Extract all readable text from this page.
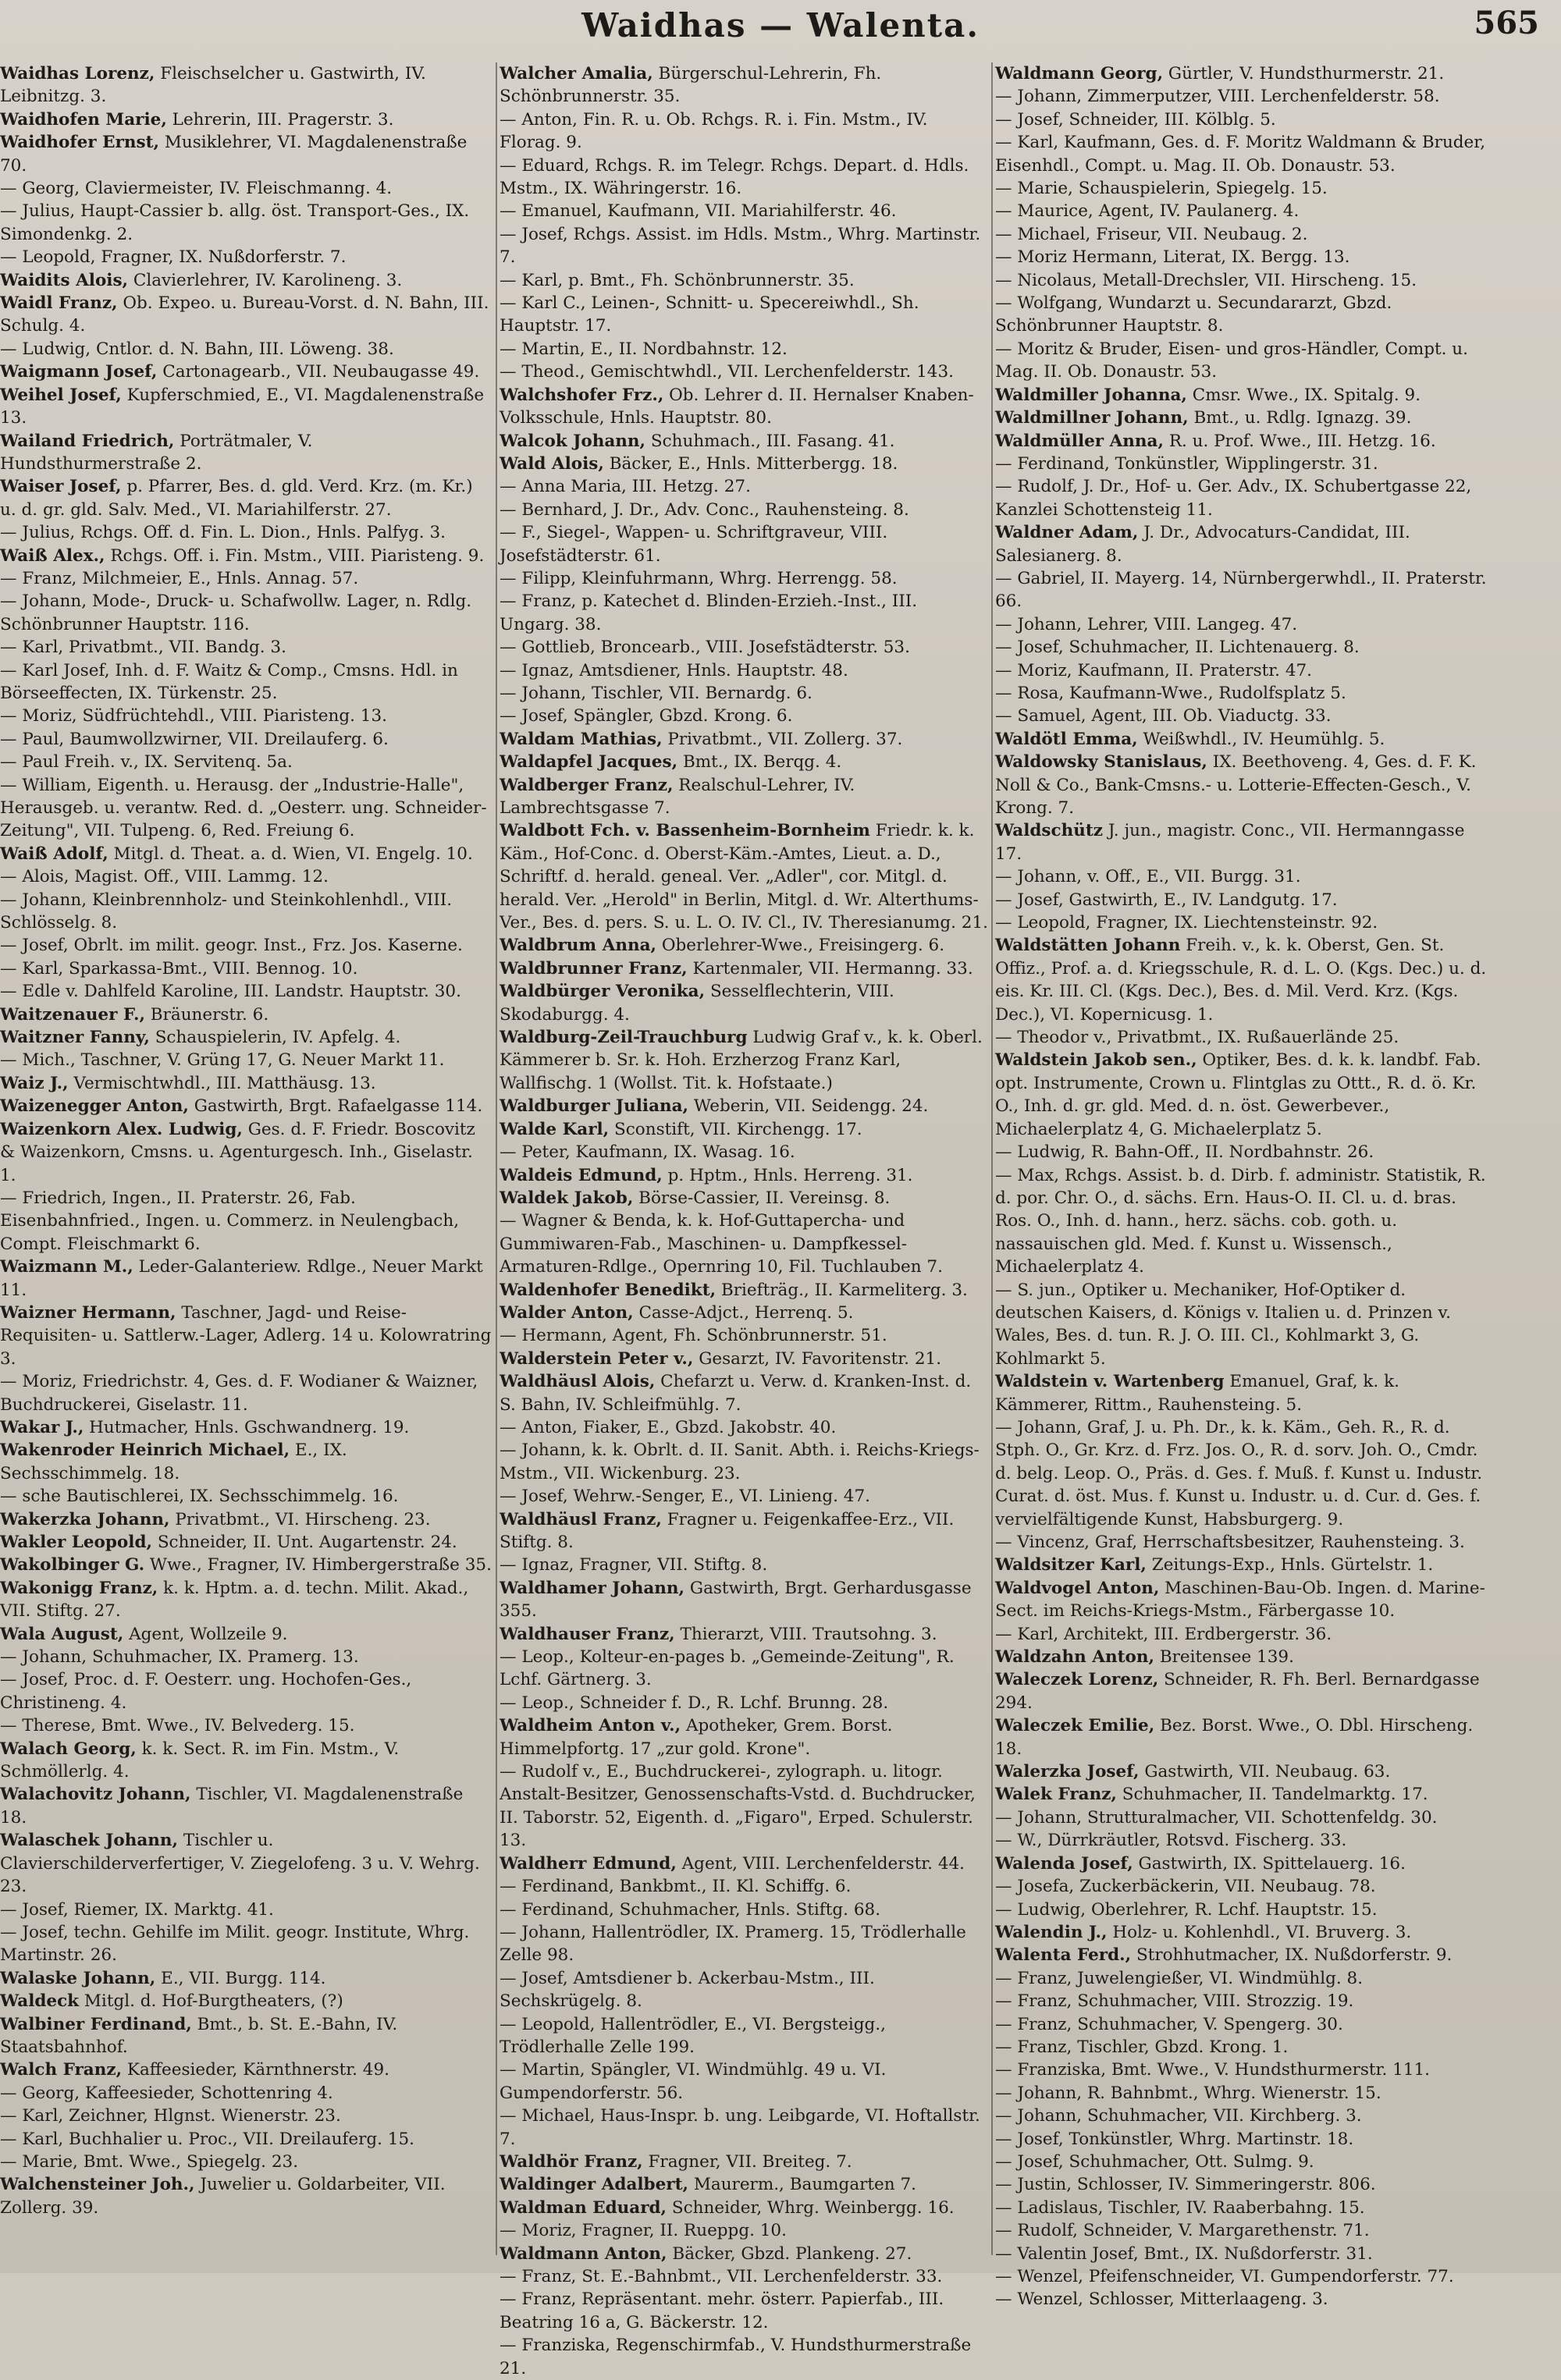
Waidhas — Walenta.	565

Waidhas Lorenz, Fleischselcher u. Gastwirth, IV. Leibnitzg. 3.

Waidhofen Marie, Lehrerin, III. Pragerstr. 3.

Waidhofer Ernst, Musiklehrer, VI. Magdalenenstraße 70.

— Georg, Claviermeister, IV. Fleischmanng. 4.

— Julius, Haupt-Cassier b. allg. öst. Transport-Ges., IX. Simondenkg. 2.

— Leopold, Fragner, IX. Nußdorferstr. 7.

Waidits Alois, Clavierlehrer, IV. Karolineng. 3.

Waidl Franz, Ob. Expeo. u. Bureau-Vorst. d. N. Bahn, III. Schulg. 4.

— Ludwig, Cntlor. d. N. Bahn, III. Löweng. 38.

Waigmann Josef, Cartonagearb., VII. Neubaugasse 49.

Weihel Josef, Kupferschmied, E., VI. Magdalenenstraße 13.

Wailand Friedrich, Porträtmaler, V. Hundsthurmerstraße 2.

Waiser Josef, p. Pfarrer, Bes. d. gld. Verd. Krz. (m. Kr.) u. d. gr. gld. Salv. Med., VI. Mariahilferstr. 27.

— Julius, Rchgs. Off. d. Fin. L. Dion., Hnls. Palfyg. 3.

Waiß Alex., Rchgs. Off. i. Fin. Mstm., VIII. Piaristeng. 9.

— Franz, Milchmeier, E., Hnls. Annag. 57.

— Johann, Mode-, Druck- u. Schafwollw. Lager, n. Rdlg. Schönbrunner Hauptstr. 116.

— Karl, Privatbmt., VII. Bandg. 3.

— Karl Josef, Inh. d. F. Waitz & Comp., Cmsns. Hdl. in Börseeffecten, IX. Türkenstr. 25.

— Moriz, Südfrüchtehdl., VIII. Piaristeng. 13.

— Paul, Baumwollzwirner, VII. Dreilauferg. 6.

— Paul Freih. v., IX. Servitenq. 5a.

— William, Eigenth. u. Herausg. der „Industrie-Halle", Herausgeb. u. verantw. Red. d. „Oesterr. ung. Schneider-Zeitung", VII. Tulpeng. 6, Red. Freiung 6.

Waiß Adolf, Mitgl. d. Theat. a. d. Wien, VI. Engelg. 10.

— Alois, Magist. Off., VIII. Lammg. 12.

— Johann, Kleinbrennholz- und Steinkohlenhdl., VIII. Schlösselg. 8.

— Josef, Obrlt. im milit. geogr. Inst., Frz. Jos. Kaserne.

— Karl, Sparkassa-Bmt., VIII. Bennog. 10.

— Edle v. Dahlfeld Karoline, III. Landstr. Hauptstr. 30.

Waitzenauer F., Bräunerstr. 6.

Waitzner Fanny, Schauspielerin, IV. Apfelg. 4.

— Mich., Taschner, V. Grüng 17, G. Neuer Markt 11.

Waiz J., Vermischtwhdl., III. Matthäusg. 13.

Waizenegger Anton, Gastwirth, Brgt. Rafaelgasse 114.

Waizenkorn Alex. Ludwig, Ges. d. F. Friedr. Boscovitz & Waizenkorn, Cmsns. u. Agenturgesch. Inh., Giselastr. 1.

— Friedrich, Ingen., II. Praterstr. 26, Fab. Eisenbahnfried., Ingen. u. Commerz. in Neulengbach, Compt. Fleischmarkt 6.

Waizmann M., Leder-Galanteriew. Rdlge., Neuer Markt 11.

Waizner Hermann, Taschner, Jagd- und Reise-Requisiten- u. Sattlerw.-Lager, Adlerg. 14 u. Kolowratring 3.

— Moriz, Friedrichstr. 4, Ges. d. F. Wodianer & Waizner, Buchdruckerei, Giselastr. 11.

Wakar J., Hutmacher, Hnls. Gschwandnerg. 19.

Wakenroder Heinrich Michael, E., IX. Sechsschimmelg. 18.

— sche Bautischlerei, IX. Sechsschimmelg. 16.

Wakerzka Johann, Privatbmt., VI. Hirscheng. 23.

Wakler Leopold, Schneider, II. Unt. Augartenstr. 24.

Wakolbinger G. Wwe., Fragner, IV. Himbergerstraße 35.

Wakonigg Franz, k. k. Hptm. a. d. techn. Milit. Akad., VII. Stiftg. 27.

Wala August, Agent, Wollzeile 9.

— Johann, Schuhmacher, IX. Pramerg. 13.

— Josef, Proc. d. F. Oesterr. ung. Hochofen-Ges., Christineng. 4.

— Therese, Bmt. Wwe., IV. Belvederg. 15.

Walach Georg, k. k. Sect. R. im Fin. Mstm., V. Schmöllerlg. 4.

Walachovitz Johann, Tischler, VI. Magdalenenstraße 18.

Walaschek Johann, Tischler u. Clavierschilderverfertiger, V. Ziegelofeng. 3 u. V. Wehrg. 23.

— Josef, Riemer, IX. Marktg. 41.

— Josef, techn. Gehilfe im Milit. geogr. Institute, Whrg. Martinstr. 26.

Walaske Johann, E., VII. Burgg. 114.

Waldeck Mitgl. d. Hof-Burgtheaters, (?)

Walbiner Ferdinand, Bmt., b. St. E.-Bahn, IV. Staatsbahnhof.

Walch Franz, Kaffeesieder, Kärnthnerstr. 49.

— Georg, Kaffeesieder, Schottenring 4.

— Karl, Zeichner, Hlgnst. Wienerstr. 23.

— Karl, Buchhalier u. Proc., VII. Dreilauferg. 15.

— Marie, Bmt. Wwe., Spiegelg. 23.

Walchensteiner Joh., Juwelier u. Goldarbeiter, VII. Zollerg. 39.

Walcher Amalia, Bürgerschul-Lehrerin, Fh. Schönbrunnerstr. 35.

— Anton, Fin. R. u. Ob. Rchgs. R. i. Fin. Mstm., IV. Florag. 9.

— Eduard, Rchgs. R. im Telegr. Rchgs. Depart. d. Hdls. Mstm., IX. Währingerstr. 16.

— Emanuel, Kaufmann, VII. Mariahilferstr. 46.

— Josef, Rchgs. Assist. im Hdls. Mstm., Whrg. Martinstr. 7.

— Karl, p. Bmt., Fh. Schönbrunnerstr. 35.

— Karl C., Leinen-, Schnitt- u. Specereiwhdl., Sh. Hauptstr. 17.

— Martin, E., II. Nordbahnstr. 12.

— Theod., Gemischtwhdl., VII. Lerchenfelderstr. 143.

Walchshofer Frz., Ob. Lehrer d. II. Hernalser Knaben-Volksschule, Hnls. Hauptstr. 80.

Walcok Johann, Schuhmach., III. Fasang. 41.

Wald Alois, Bäcker, E., Hnls. Mitterbergg. 18.

— Anna Maria, III. Hetzg. 27.

— Bernhard, J. Dr., Adv. Conc., Rauhensteing. 8.

— F., Siegel-, Wappen- u. Schriftgraveur, VIII. Josefstädterstr. 61.

— Filipp, Kleinfuhrmann, Whrg. Herrengg. 58.

— Franz, p. Katechet d. Blinden-Erzieh.-Inst., III. Ungarg. 38.

— Gottlieb, Broncearb., VIII. Josefstädterstr. 53.

— Ignaz, Amtsdiener, Hnls. Hauptstr. 48.

— Johann, Tischler, VII. Bernardg. 6.

— Josef, Spängler, Gbzd. Krong. 6.

Waldam Mathias, Privatbmt., VII. Zollerg. 37.

Waldapfel Jacques, Bmt., IX. Berqg. 4.

Waldberger Franz, Realschul-Lehrer, IV. Lambrechtsgasse 7.

Waldbott Fch. v. Bassenheim-Bornheim Friedr. k. k. Käm., Hof-Conc. d. Oberst-Käm.-Amtes, Lieut. a. D., Schriftf. d. herald. geneal. Ver. „Adler", cor. Mitgl. d. herald. Ver. „Herold" in Berlin, Mitgl. d. Wr. Alterthums-Ver., Bes. d. pers. S. u. L. O. IV. Cl., IV. Theresianumg. 21.

Waldbrum Anna, Oberlehrer-Wwe., Freisingerg. 6.

Waldbrunner Franz, Kartenmaler, VII. Hermanng. 33.

Waldbürger Veronika, Sesselflechterin, VIII. Skodaburgg. 4.

Waldburg-Zeil-Trauchburg Ludwig Graf v., k. k. Oberl. Kämmerer b. Sr. k. Hoh. Erzherzog Franz Karl, Wallfischg. 1 (Wollst. Tit. k. Hofstaate.)

Waldburger Juliana, Weberin, VII. Seidengg. 24.

Walde Karl, Sconstift, VII. Kirchengg. 17.

— Peter, Kaufmann, IX. Wasag. 16.

Waldeis Edmund, p. Hptm., Hnls. Herreng. 31.

Waldek Jakob, Börse-Cassier, II. Vereinsg. 8.

— Wagner & Benda, k. k. Hof-Guttapercha- und Gummiwaren-Fab., Maschinen- u. Dampfkessel-Armaturen-Rdlge., Opernring 10, Fil. Tuchlauben 7.

Waldenhofer Benedikt, Briefträg., II. Karmeliterg. 3.

Walder Anton, Casse-Adjct., Herrenq. 5.

— Hermann, Agent, Fh. Schönbrunnerstr. 51.

Walderstein Peter v., Gesarzt, IV. Favoritenstr. 21.

Waldhäusl Alois, Chefarzt u. Verw. d. Kranken-Inst. d. S. Bahn, IV. Schleifmühlg. 7.

— Anton, Fiaker, E., Gbzd. Jakobstr. 40.

— Johann, k. k. Obrlt. d. II. Sanit. Abth. i. Reichs-Kriegs-Mstm., VII. Wickenburg. 23.

— Josef, Wehrw.-Senger, E., VI. Linieng. 47.

Waldhäusl Franz, Fragner u. Feigenkaffee-Erz., VII. Stiftg. 8.

— Ignaz, Fragner, VII. Stiftg. 8.

Waldhamer Johann, Gastwirth, Brgt. Gerhardusgasse 355.

Waldhauser Franz, Thierarzt, VIII. Trautsohng. 3.

— Leop., Kolteur-en-pages b. „Gemeinde-Zeitung", R. Lchf. Gärtnerg. 3.

— Leop., Schneider f. D., R. Lchf. Brunng. 28.

Waldheim Anton v., Apotheker, Grem. Borst. Himmelpfortg. 17 „zur gold. Krone".

— Rudolf v., E., Buchdruckerei-, zylograph. u. litogr. Anstalt-Besitzer, Genossenschafts-Vstd. d. Buchdrucker, II. Taborstr. 52, Eigenth. d. „Figaro", Erped. Schulerstr. 13.

Waldherr Edmund, Agent, VIII. Lerchenfelderstr. 44.

— Ferdinand, Bankbmt., II. Kl. Schiffg. 6.

— Ferdinand, Schuhmacher, Hnls. Stiftg. 68.

— Johann, Hallentrödler, IX. Pramerg. 15, Trödlerhalle Zelle 98.

— Josef, Amtsdiener b. Ackerbau-Mstm., III. Sechskrügelg. 8.

— Leopold, Hallentrödler, E., VI. Bergsteigg., Trödlerhalle Zelle 199.

— Martin, Spängler, VI. Windmühlg. 49 u. VI. Gumpendorferstr. 56.

— Michael, Haus-Inspr. b. ung. Leibgarde, VI. Hoftallstr. 7.

Waldhör Franz, Fragner, VII. Breiteg. 7.

Waldinger Adalbert, Maurerm., Baumgarten 7.

Waldman Eduard, Schneider, Whrg. Weinbergg. 16.

— Moriz, Fragner, II. Rueppg. 10.

Waldmann Anton, Bäcker, Gbzd. Plankeng. 27.

— Franz, St. E.-Bahnbmt., VII. Lerchenfelderstr. 33.

— Franz, Repräsentant. mehr. österr. Papierfab., III. Beatring 16 a, G. Bäckerstr. 12.

— Franziska, Regenschirmfab., V. Hundsthurmerstraße 21.

Waldmann Georg, Gürtler, V. Hundsthurmerstr. 21.

— Johann, Zimmerputzer, VIII. Lerchenfelderstr. 58.

— Josef, Schneider, III. Kölblg. 5.

— Karl, Kaufmann, Ges. d. F. Moritz Waldmann & Bruder, Eisenhdl., Compt. u. Mag. II. Ob. Donaustr. 53.

— Marie, Schauspielerin, Spiegelg. 15.

— Maurice, Agent, IV. Paulanerg. 4.

— Michael, Friseur, VII. Neubaug. 2.

— Moriz Hermann, Literat, IX. Bergg. 13.

— Nicolaus, Metall-Drechsler, VII. Hirscheng. 15.

— Wolfgang, Wundarzt u. Secundararzt, Gbzd. Schönbrunner Hauptstr. 8.

— Moritz & Bruder, Eisen- und gros-Händler, Compt. u. Mag. II. Ob. Donaustr. 53.

Waldmiller Johanna, Cmsr. Wwe., IX. Spitalg. 9.

Waldmillner Johann, Bmt., u. Rdlg. Ignazg. 39.

Waldmüller Anna, R. u. Prof. Wwe., III. Hetzg. 16.

— Ferdinand, Tonkünstler, Wipplingerstr. 31.

— Rudolf, J. Dr., Hof- u. Ger. Adv., IX. Schubertgasse 22, Kanzlei Schottensteig 11.

Waldner Adam, J. Dr., Advocaturs-Candidat, III. Salesianerg. 8.

— Gabriel, II. Mayerg. 14, Nürnbergerwhdl., II. Praterstr. 66.

— Johann, Lehrer, VIII. Langeg. 47.

— Josef, Schuhmacher, II. Lichtenauerg. 8.

— Moriz, Kaufmann, II. Praterstr. 47.

— Rosa, Kaufmann-Wwe., Rudolfsplatz 5.

— Samuel, Agent, III. Ob. Viaductg. 33.

Waldötl Emma, Weißwhdl., IV. Heumühlg. 5.

Waldowsky Stanislaus, IX. Beethoveng. 4, Ges. d. F. K. Noll & Co., Bank-Cmsns.- u. Lotterie-Effecten-Gesch., V. Krong. 7.

Waldschütz J. jun., magistr. Conc., VII. Hermanngasse 17.

— Johann, v. Off., E., VII. Burgg. 31.

— Josef, Gastwirth, E., IV. Landgutg. 17.

— Leopold, Fragner, IX. Liechtensteinstr. 92.

Waldstätten Johann Freih. v., k. k. Oberst, Gen. St. Offiz., Prof. a. d. Kriegsschule, R. d. L. O. (Kgs. Dec.) u. d. eis. Kr. III. Cl. (Kgs. Dec.), Bes. d. Mil. Verd. Krz. (Kgs. Dec.), VI. Kopernicusg. 1.

— Theodor v., Privatbmt., IX. Rußauerlände 25.

Waldstein Jakob sen., Optiker, Bes. d. k. k. landbf. Fab. opt. Instrumente, Crown u. Flintglas zu Ottt., R. d. ö. Kr. O., Inh. d. gr. gld. Med. d. n. öst. Gewerbever., Michaelerplatz 4, G. Michaelerplatz 5.

— Ludwig, R. Bahn-Off., II. Nordbahnstr. 26.

— Max, Rchgs. Assist. b. d. Dirb. f. administr. Statistik, R. d. por. Chr. O., d. sächs. Ern. Haus-O. II. Cl. u. d. bras. Ros. O., Inh. d. hann., herz. sächs. cob. goth. u. nassauischen gld. Med. f. Kunst u. Wissensch., Michaelerplatz 4.

— S. jun., Optiker u. Mechaniker, Hof-Optiker d. deutschen Kaisers, d. Königs v. Italien u. d. Prinzen v. Wales, Bes. d. tun. R. J. O. III. Cl., Kohlmarkt 3, G. Kohlmarkt 5.

Waldstein v. Wartenberg Emanuel, Graf, k. k. Kämmerer, Rittm., Rauhensteing. 5.

— Johann, Graf, J. u. Ph. Dr., k. k. Käm., Geh. R., R. d. Stph. O., Gr. Krz. d. Frz. Jos. O., R. d. sorv. Joh. O., Cmdr. d. belg. Leop. O., Präs. d. Ges. f. Muß. f. Kunst u. Industr. Curat. d. öst. Mus. f. Kunst u. Industr. u. d. Cur. d. Ges. f. vervielfältigende Kunst, Habsburgerg. 9.

— Vincenz, Graf, Herrschaftsbesitzer, Rauhensteing. 3.

Waldsitzer Karl, Zeitungs-Exp., Hnls. Gürtelstr. 1.

Waldvogel Anton, Maschinen-Bau-Ob. Ingen. d. Marine-Sect. im Reichs-Kriegs-Mstm., Färbergasse 10.

— Karl, Architekt, III. Erdbergerstr. 36.

Waldzahn Anton, Breitensee 139.

Waleczek Lorenz, Schneider, R. Fh. Berl. Bernardgasse 294.

Waleczek Emilie, Bez. Borst. Wwe., O. Dbl. Hirscheng. 18.

Walerzka Josef, Gastwirth, VII. Neubaug. 63.

Walek Franz, Schuhmacher, II. Tandelmarktg. 17.

— Johann, Strutturalmacher, VII. Schottenfeldg. 30.

— W., Dürrkräutler, Rotsvd. Fischerg. 33.

Walenda Josef, Gastwirth, IX. Spittelauerg. 16.

— Josefa, Zuckerbäckerin, VII. Neubaug. 78.

— Ludwig, Oberlehrer, R. Lchf. Hauptstr. 15.

Walendin J., Holz- u. Kohlenhdl., VI. Bruverg. 3.

Walenta Ferd., Strohhutmacher, IX. Nußdorferstr. 9.

— Franz, Juwelengießer, VI. Windmühlg. 8.

— Franz, Schuhmacher, VIII. Strozzig. 19.

— Franz, Schuhmacher, V. Spengerg. 30.

— Franz, Tischler, Gbzd. Krong. 1.

— Franziska, Bmt. Wwe., V. Hundsthurmerstr. 111.

— Johann, R. Bahnbmt., Whrg. Wienerstr. 15.

— Johann, Schuhmacher, VII. Kirchberg. 3.

— Josef, Tonkünstler, Whrg. Martinstr. 18.

— Josef, Schuhmacher, Ott. Sulmg. 9.

— Justin, Schlosser, IV. Simmeringerstr. 806.

— Ladislaus, Tischler, IV. Raaberbahng. 15.

— Rudolf, Schneider, V. Margarethenstr. 71.

— Valentin Josef, Bmt., IX. Nußdorferstr. 31.

— Wenzel, Pfeifenschneider, VI. Gumpendorferstr. 77.

— Wenzel, Schlosser, Mitterlaageng. 3.
